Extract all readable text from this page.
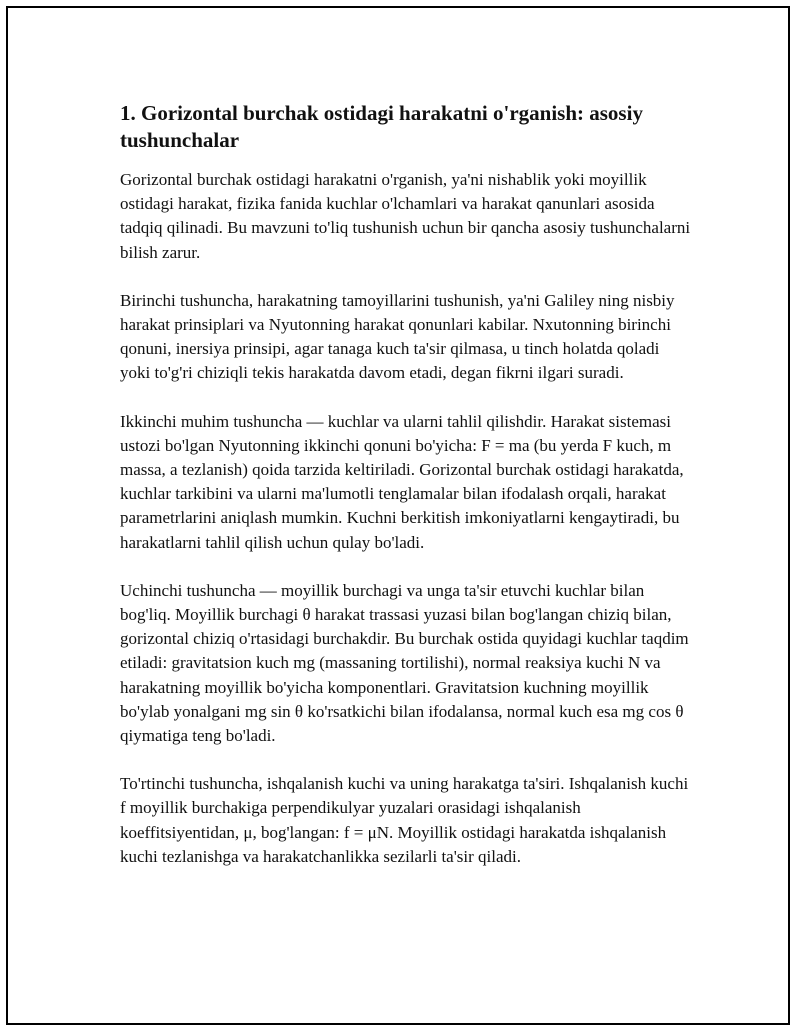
1. Gorizontal burchak ostidagi harakatni o'rganish: asosiy tushunchalar

Gorizontal burchak ostidagi harakatni o'rganish, ya'ni nishablik yoki moyillik ostidagi harakat, fizika fanida kuchlar o'lchamlari va harakat qanunlari asosida tadqiq qilinadi. Bu mavzuni to'liq tushunish uchun bir qancha asosiy tushunchalarni bilish zarur.

Birinchi tushuncha, harakatning tamoyillarini tushunish, ya'ni Galiley ning nisbiy harakat prinsiplari va Nyutonning harakat qonunlari kabilar. Nxutonning birinchi qonuni, inersiya prinsipi, agar tanaga kuch ta'sir qilmasa, u tinch holatda qoladi yoki to'g'ri chiziqli tekis harakatda davom etadi, degan fikrni ilgari suradi.

Ikkinchi muhim tushuncha — kuchlar va ularni tahlil qilishdir. Harakat sistemasi ustozi bo'lgan Nyutonning ikkinchi qonuni bo'yicha: F = ma (bu yerda F kuch, m massa, a tezlanish) qoida tarzida keltiriladi. Gorizontal burchak ostidagi harakatda, kuchlar tarkibini va ularni ma'lumotli tenglamalar bilan ifodalash orqali, harakat parametrlarini aniqlash mumkin. Kuchni berkitish imkoniyatlarni kengaytiradi, bu harakatlarni tahlil qilish uchun qulay bo'ladi.

Uchinchi tushuncha — moyillik burchagi va unga ta'sir etuvchi kuchlar bilan bog'liq. Moyillik burchagi θ harakat trassasi yuzasi bilan bog'langan chiziq bilan, gorizontal chiziq o'rtasidagi burchakdir. Bu burchak ostida quyidagi kuchlar taqdim etiladi: gravitatsion kuch mg (massaning tortilishi), normal reaksiya kuchi N va harakatning moyillik bo'yicha komponentlari. Gravitatsion kuchning moyillik bo'ylab yonalgani mg sin θ ko'rsatkichi bilan ifodalansa, normal kuch esa mg cos θ qiymatiga teng bo'ladi.

To'rtinchi tushuncha, ishqalanish kuchi va uning harakatga ta'siri. Ishqalanish kuchi f moyillik burchakiga perpendikulyar yuzalari orasidagi ishqalanish koeffitsiyentidan, μ, bog'langan: f = μN. Moyillik ostidagi harakatda ishqalanish kuchi tezlanishga va harakatchanlikka sezilarli ta'sir qiladi.
